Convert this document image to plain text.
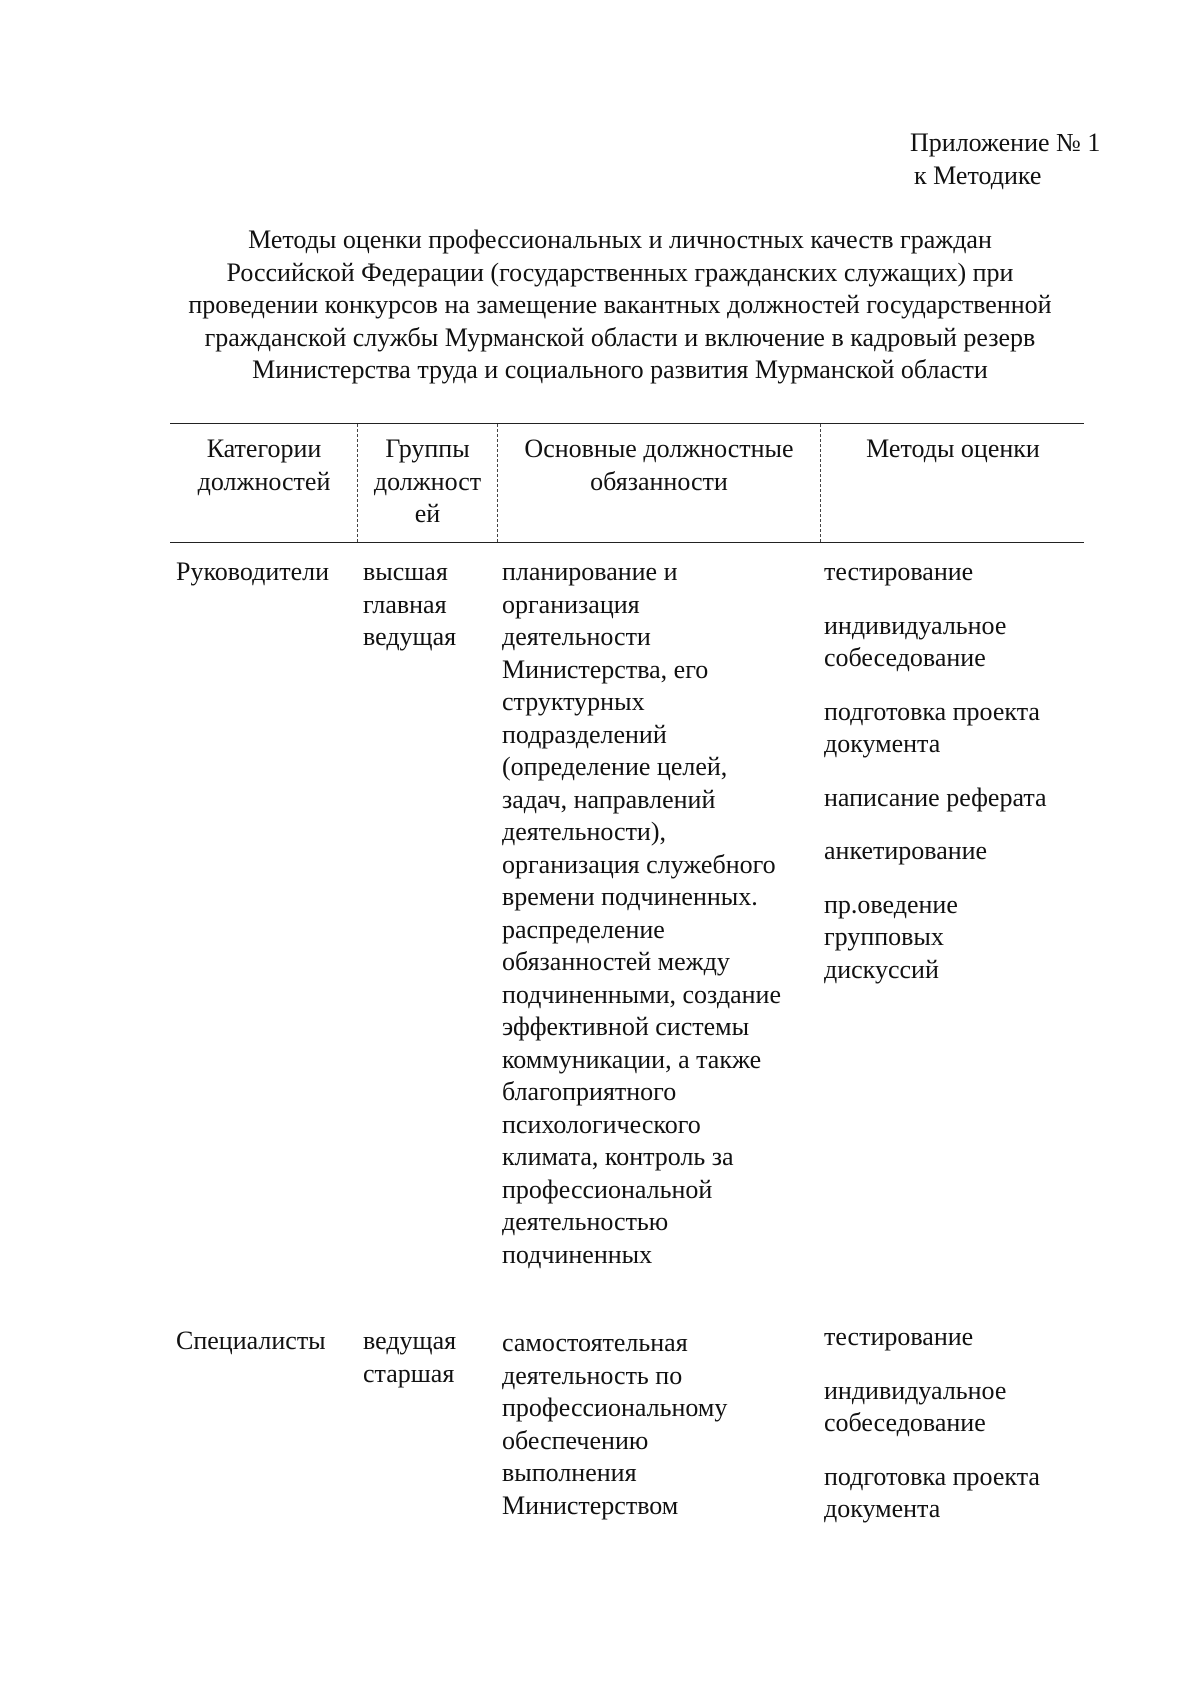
Приложение № 1
к Методике
Методы оценки профессиональных и личностных качеств граждан
Российской Федерации (государственных гражданских служащих) при
проведении конкурсов на замещение вакантных должностей государственной
гражданской службы Мурманской области и включение в кадровый резерв
Министерства труда и социального развития Мурманской области
Категории
должностей
Группы
должност
ей
Основные должностные
обязанности
Методы оценки
Руководители высшая
главная
ведущая
планирование и
организация
деятельности
Министерства, его
структурных
подразделений
(определение целей,
задач, направлений
деятельности),
организация служебного
времени подчиненных.
распределение
обязанностей между
подчиненными, создание
эффективной системы
коммуникации, а также
благоприятного
психологического
климата, контроль за
профессиональной
деятельностью
подчиненных
тестирование
индивидуальное
собеседование
подготовка проекта
документа
написание реферата
анкетирование
пр.оведение
групповых
дискуссий
Специалисты ведущая
старшая
самостоятельная
деятельность по
профессиональному
обеспечению
выполнения
Министерством
тестирование
индивидуальное
собеседование
подготовка проекта
документа
